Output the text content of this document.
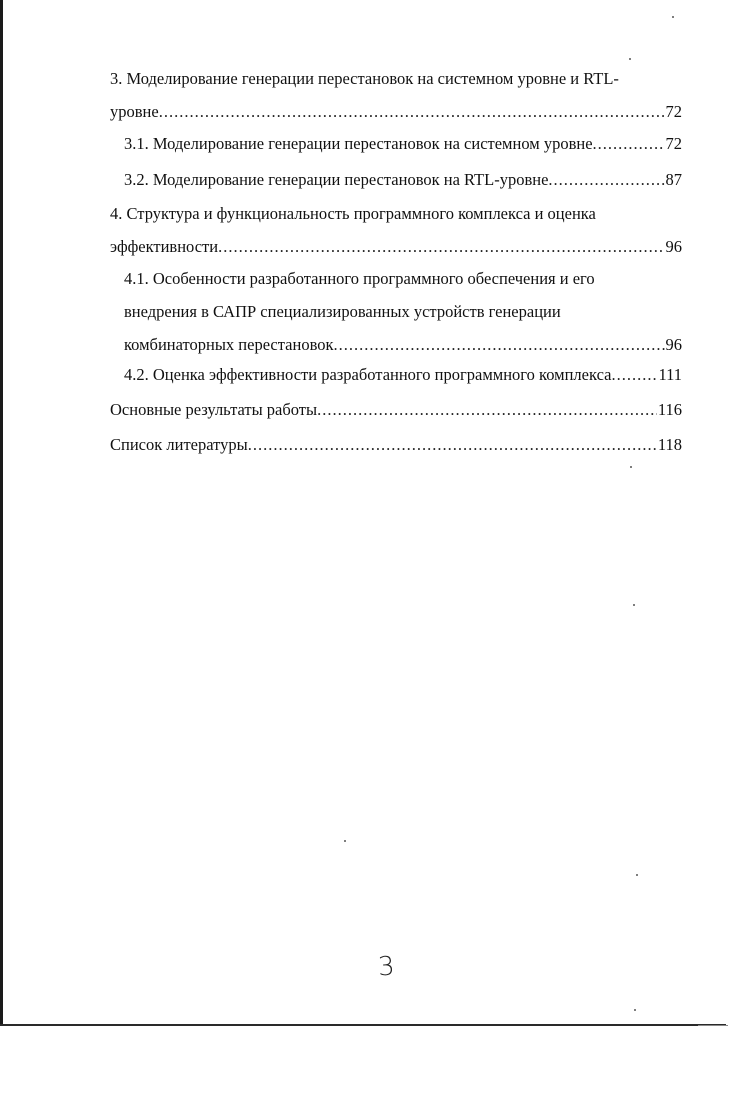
3. Моделирование генерации перестановок на системном уровне и RTL-
уровне .....	72
3.1. Моделирование генерации перестановок на системном уровне .....	72
3.2. Моделирование генерации перестановок на RTL-уровне .....	87
4. Структура и функциональность программного комплекса и оценка
эффективности .....	96
4.1. Особенности разработанного программного обеспечения и его
внедрения в САПР специализированных устройств генерации
комбинаторных перестановок .....	96
4.2. Оценка эффективности разработанного программного комплекса .....	111
Основные результаты работы .....	116
Список литературы .....	118
3
